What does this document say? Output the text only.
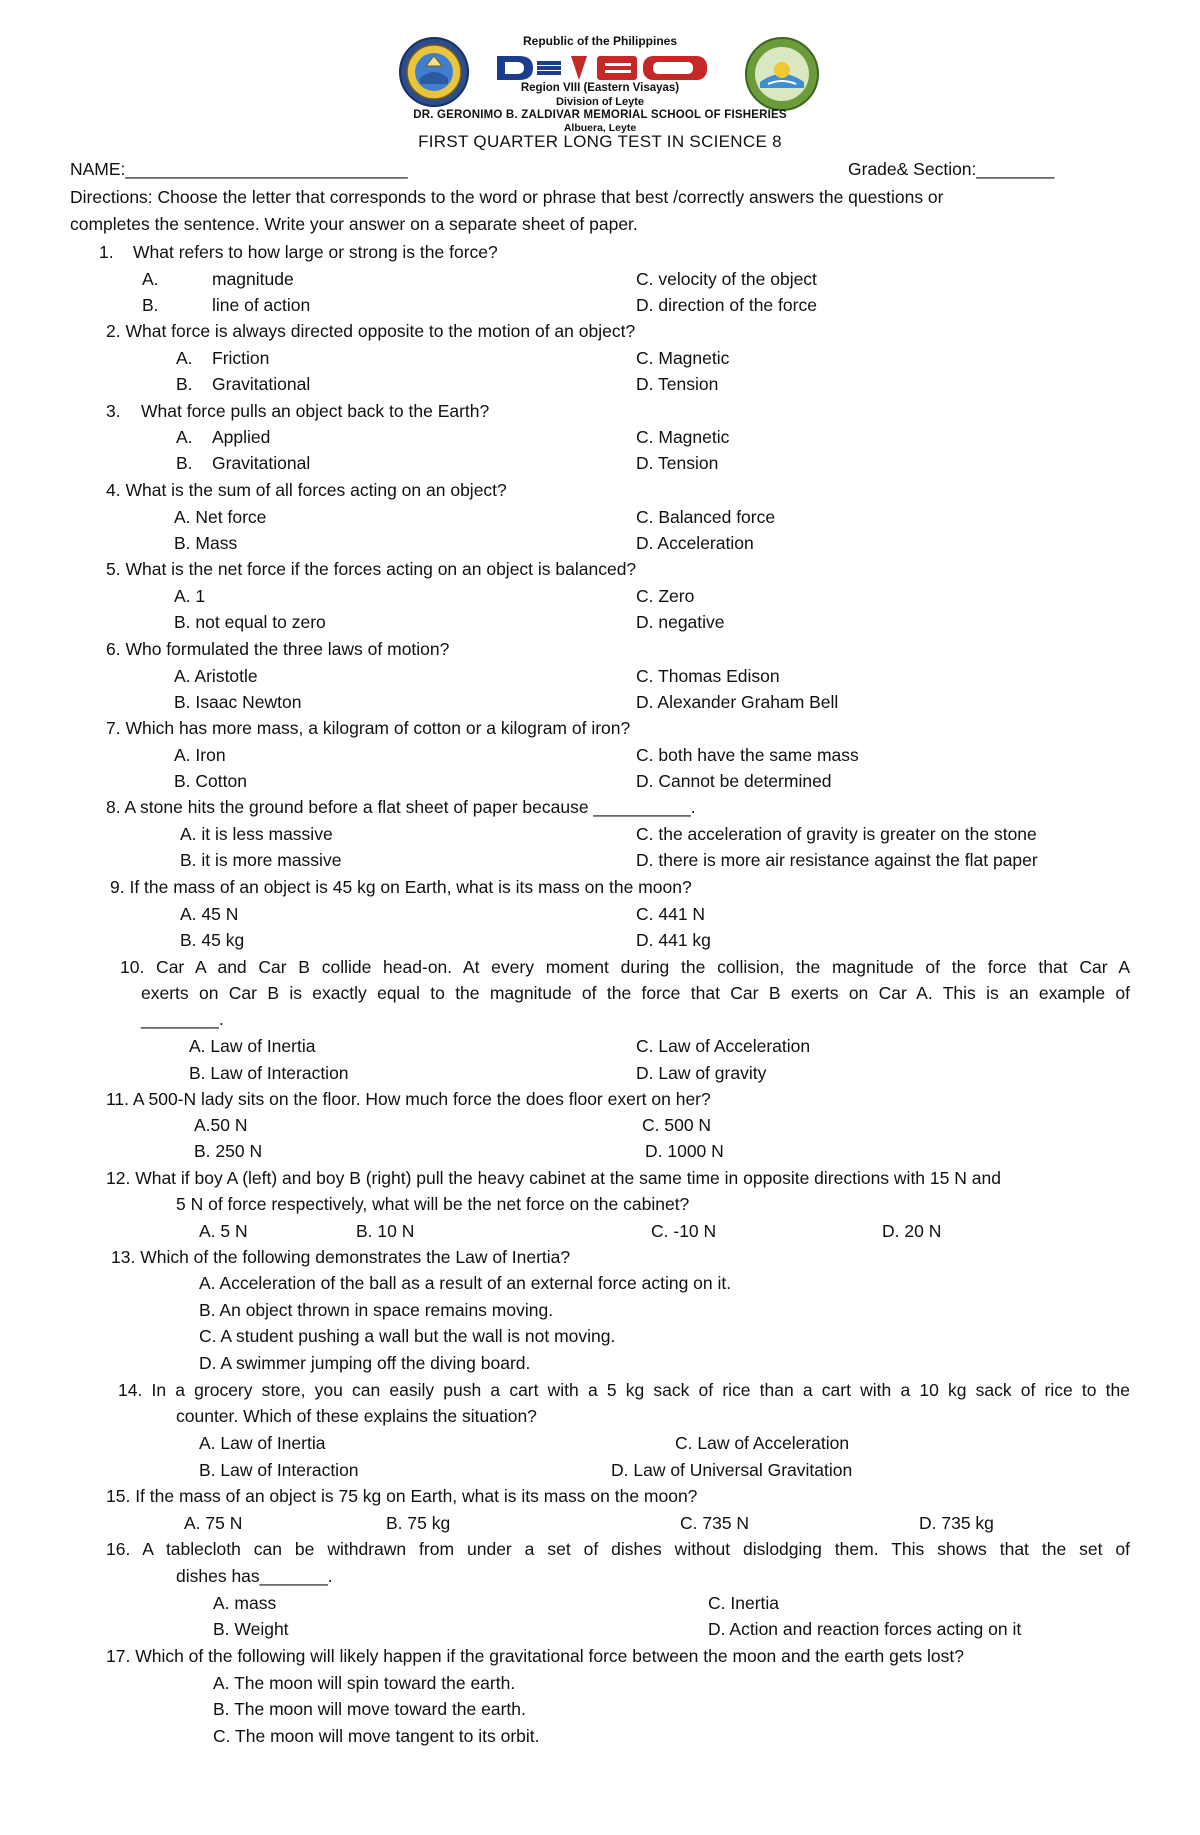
Republic of the Philippines
Region VIII (Eastern Visayas)
Division of Leyte
DR. GERONIMO B. ZALDIVAR MEMORIAL SCHOOL OF FISHERIES
Albuera, Leyte
FIRST QUARTER LONG TEST IN SCIENCE 8
NAME:_____________________________	Grade& Section:________
Directions: Choose the letter that corresponds to the word or phrase that best /correctly answers the questions or
completes the sentence. Write your answer on a separate sheet of paper.
1. What refers to how large or strong is the force?
A.	magnitude	C. velocity of the object
B.	line of action	D. direction of the force
2. What force is always directed opposite to the motion of an object?
A. Friction	C. Magnetic
B. Gravitational	D. Tension
3. What force pulls an object back to the Earth?
A. Applied	C. Magnetic
B. Gravitational	D. Tension
4. What is the sum of all forces acting on an object?
A. Net force	C. Balanced force
B. Mass	D. Acceleration
5. What is the net force if the forces acting on an object is balanced?
A. 1	C. Zero
B. not equal to zero	D. negative
6. Who formulated the three laws of motion?
A. Aristotle	C. Thomas Edison
B. Isaac Newton	D. Alexander Graham Bell
7. Which has more mass, a kilogram of cotton or a kilogram of iron?
A. Iron	C. both have the same mass
B. Cotton	D. Cannot be determined
8. A stone hits the ground before a flat sheet of paper because __________.
A. it is less massive	C. the acceleration of gravity is greater on the stone
B. it is more massive	D. there is more air resistance against the flat paper
9. If the mass of an object is 45 kg on Earth, what is its mass on the moon?
A. 45 N	C. 441 N
B. 45 kg	D. 441 kg
10. Car A and Car B collide head-on. At every moment during the collision, the magnitude of the force that Car A
exerts on Car B is exactly equal to the magnitude of the force that Car B exerts on Car A. This is an example of
________.
A. Law of Inertia	C. Law of Acceleration
B. Law of Interaction	D. Law of gravity
11. A 500-N lady sits on the floor. How much force the does floor exert on her?
A.50 N	C. 500 N
B. 250 N	D. 1000 N
12. What if boy A (left) and boy B (right) pull the heavy cabinet at the same time in opposite directions with 15 N and
5 N of force respectively, what will be the net force on the cabinet?
A. 5 N	B. 10 N	C. -10 N	D. 20 N
13. Which of the following demonstrates the Law of Inertia?
A. Acceleration of the ball as a result of an external force acting on it.
B. An object thrown in space remains moving.
C. A student pushing a wall but the wall is not moving.
D. A swimmer jumping off the diving board.
14. In a grocery store, you can easily push a cart with a 5 kg sack of rice than a cart with a 10 kg sack of rice to the
counter. Which of these explains the situation?
A. Law of Inertia	C. Law of Acceleration
B. Law of Interaction	D. Law of Universal Gravitation
15. If the mass of an object is 75 kg on Earth, what is its mass on the moon?
A. 75 N	B. 75 kg	C. 735 N	D. 735 kg
16. A tablecloth can be withdrawn from under a set of dishes without dislodging them. This shows that the set of
dishes has_______.
A. mass	C. Inertia
B. Weight	D. Action and reaction forces acting on it
17. Which of the following will likely happen if the gravitational force between the moon and the earth gets lost?
A. The moon will spin toward the earth.
B. The moon will move toward the earth.
C. The moon will move tangent to its orbit.
